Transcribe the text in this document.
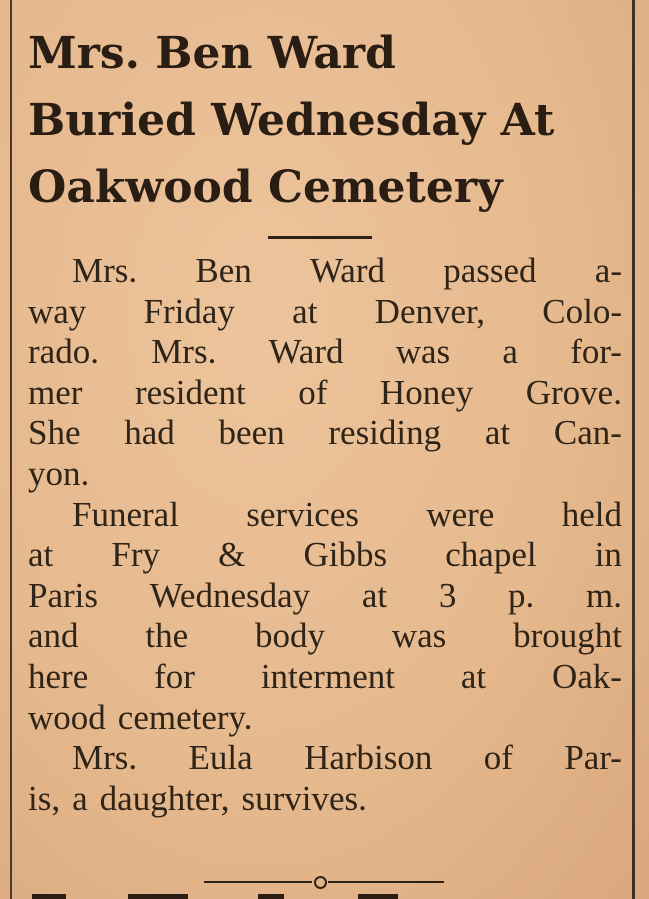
Mrs. Ben Ward
Buried Wednesday At
Oakwood Cemetery
Mrs. Ben Ward passed a-
way Friday at Denver, Colo-
rado. Mrs. Ward was a for-
mer resident of Honey Grove.
She had been residing at Can-
yon.
Funeral services were held
at Fry & Gibbs chapel in
Paris Wednesday at 3 p. m.
and the body was brought
here for interment at Oak-
wood cemetery.
Mrs. Eula Harbison of Par-
is, a daughter, survives.
